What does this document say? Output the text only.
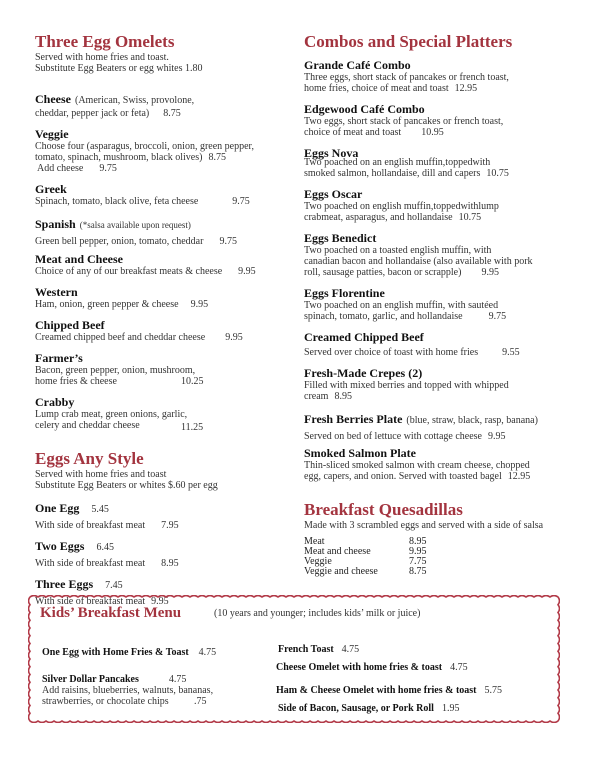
Three Egg Omelets
Served with home fries and toast.
Substitute Egg Beaters or egg whites 1.80
Cheese (American, Swiss, provolone,
cheddar, pepper jack or feta) 8.75
Veggie
Choose four (asparagus, broccoli, onion, green pepper,
tomato, spinach, mushroom, black olives) 8.75
Add cheese 9.75
Greek
Spinach, tomato, black olive, feta cheese	9.75
Spanish (*salsa available upon request)
Green bell pepper, onion, tomato, cheddar 9.75
Meat and Cheese
Choice of any of our breakfast meats & cheese 9.95
Western
Ham, onion, green pepper & cheese 9.95
Chipped Beef
Creamed chipped beef and cheddar cheese 9.95
Farmer’s
Bacon, green pepper, onion, mushroom,
home fries & cheese	10.25
Crabby
Lump crab meat, green onions, garlic,
celery and cheddar cheese	11.25
Eggs Any Style
Served with home fries and toast
Substitute Egg Beaters or whites $.60 per egg
One Egg 5.45
With side of breakfast meat 7.95
Two Eggs 6.45
With side of breakfast meat 8.95
Three Eggs 7.45
With side of breakfast meat 9.95
Combos and Special Platters
Grande Café Combo
Three eggs, short stack of pancakes or french toast,
home fries, choice of meat and toast 12.95
Edgewood Café Combo
Two eggs, short stack of pancakes or french toast,
choice of meat and toast 10.95
Eggs Nova
Two poached on an english muffin,toppedwith
smoked salmon, hollandaise, dill and capers 10.75
Eggs Oscar
Two poached on english muffin,toppedwithlump
crabmeat, asparagus, and hollandaise 10.75
Eggs Benedict
Two poached on a toasted english muffin, with
canadian bacon and hollandaise (also available with pork
roll, sausage patties, bacon or scrapple) 9.95
Eggs Florentine
Two poached on an english muffin, with sautéed
spinach, tomato, garlic, and hollandaise	9.75
Creamed Chipped Beef
Served over choice of toast with home fries 9.55
Fresh-Made Crepes (2)
Filled with mixed berries and topped with whipped
cream 8.95
Fresh Berries Plate (blue, straw, black, rasp, banana)
Served on bed of lettuce with cottage cheese 9.95
Smoked Salmon Plate
Thin-sliced smoked salmon with cream cheese, chopped
egg, capers, and onion. Served with toasted bagel 12.95
Breakfast Quesadillas
Made with 3 scrambled eggs and served with a side of salsa
Meat	8.95
Meat and cheese	9.95
Veggie	7.75
Veggie and cheese	8.75
Kids’ Breakfast Menu	(10 years and younger; includes kids’ milk or juice)
One Egg with Home Fries & Toast 4.75
Silver Dollar Pancakes	4.75
Add raisins, blueberries, walnuts, bananas,
strawberries, or chocolate chips	.75
French Toast 4.75
Cheese Omelet with home fries & toast 4.75
Ham & Cheese Omelet with home fries & toast 5.75
Side of Bacon, Sausage, or Pork Roll 1.95
